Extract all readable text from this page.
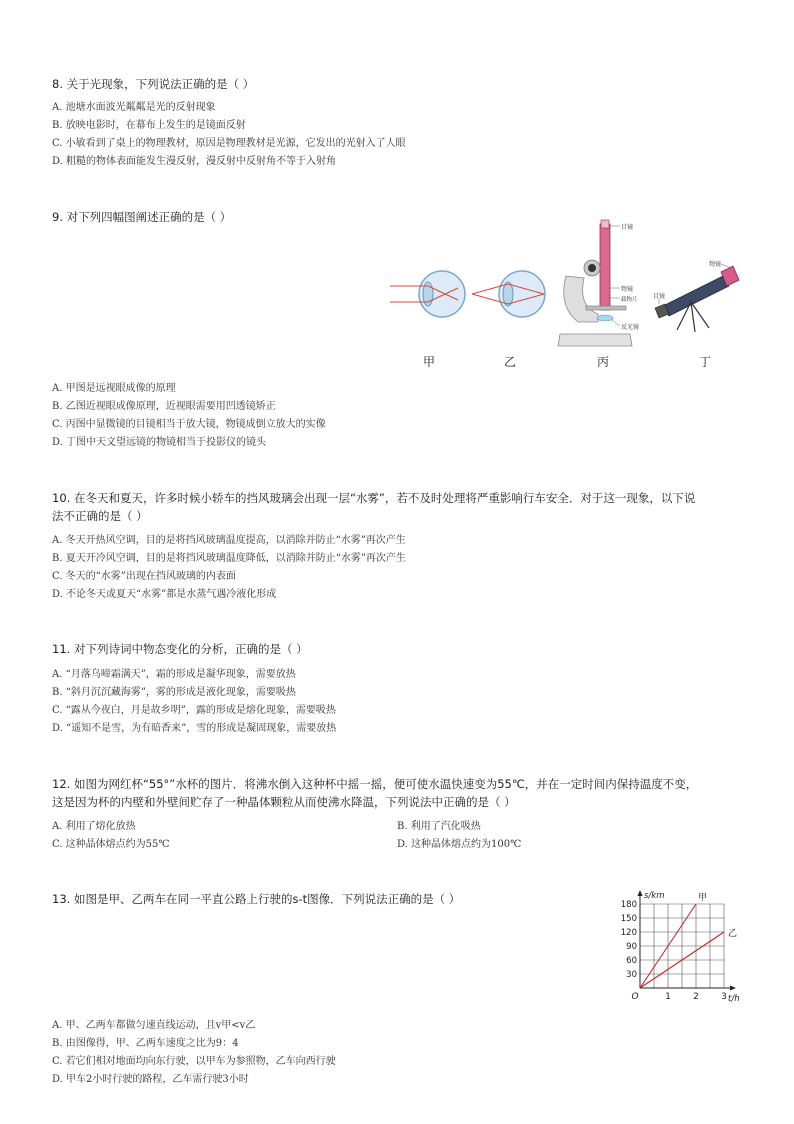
8. 关于光现象，下列说法正确的是（ ）
A. 池塘水面波光粼粼是光的反射现象
B. 放映电影时，在幕布上发生的是镜面反射
C. 小敏看到了桌上的物理教材，原因是物理教材是光源，它发出的光射入了人眼
D. 粗糙的物体表面能发生漫反射，漫反射中反射角不等于入射角
9. 对下列四幅图阐述正确的是（ ）
目镜
物镜
载物片
反光镜
物镜
目镜
甲	乙	丙	丁
A. 甲图是远视眼成像的原理
B. 乙图近视眼成像原理，近视眼需要用凹透镜矫正
C. 丙图中显微镜的目镜相当于放大镜，物镜成倒立放大的实像
D. 丁图中天文望远镜的物镜相当于投影仪的镜头
10. 在冬天和夏天，许多时候小轿车的挡风玻璃会出现一层“水雾”，若不及时处理将严重影响行车安全．对于这一现象，以下说
法不正确的是（ ）
A. 冬天开热风空调，目的是将挡风玻璃温度提高，以消除并防止“水雾”再次产生
B. 夏天开冷风空调，目的是将挡风玻璃温度降低，以消除并防止“水雾”再次产生
C. 冬天的“水雾”出现在挡风玻璃的内表面
D. 不论冬天或夏天“水雾”都是水蒸气遇冷液化形成
11. 对下列诗词中物态变化的分析，正确的是（ ）
A. “月落乌啼霜满天”，霜的形成是凝华现象，需要放热
B. “斜月沉沉藏海雾”，雾的形成是液化现象，需要吸热
C. “露从今夜白，月是故乡明”，露的形成是熔化现象，需要吸热
D. “遥知不是雪，为有暗香来”，雪的形成是凝固现象，需要放热
12. 如图为网红杯“55°”水杯的图片．将沸水倒入这种杯中摇一摇，便可使水温快速变为55℃，并在一定时间内保持温度不变，
这是因为杯的内壁和外壁间贮存了一种晶体颗粒从而使沸水降温，下列说法中正确的是（ ）
A. 利用了熔化放热	B. 利用了汽化吸热
C. 这种晶体熔点约为55℃	D. 这种晶体熔点约为100℃
13. 如图是甲、乙两车在同一平直公路上行驶的s-t图像．下列说法正确的是（ ）
1 2 3
30
60
90
120
150
180
O
s/km
t/h
甲
乙
A. 甲、乙两车都做匀速直线运动，且v甲<v乙
B. 由图像得，甲、乙两车速度之比为9：4
C. 若它们相对地面均向东行驶，以甲车为参照物，乙车向西行驶
D. 甲车2小时行驶的路程，乙车需行驶3小时
